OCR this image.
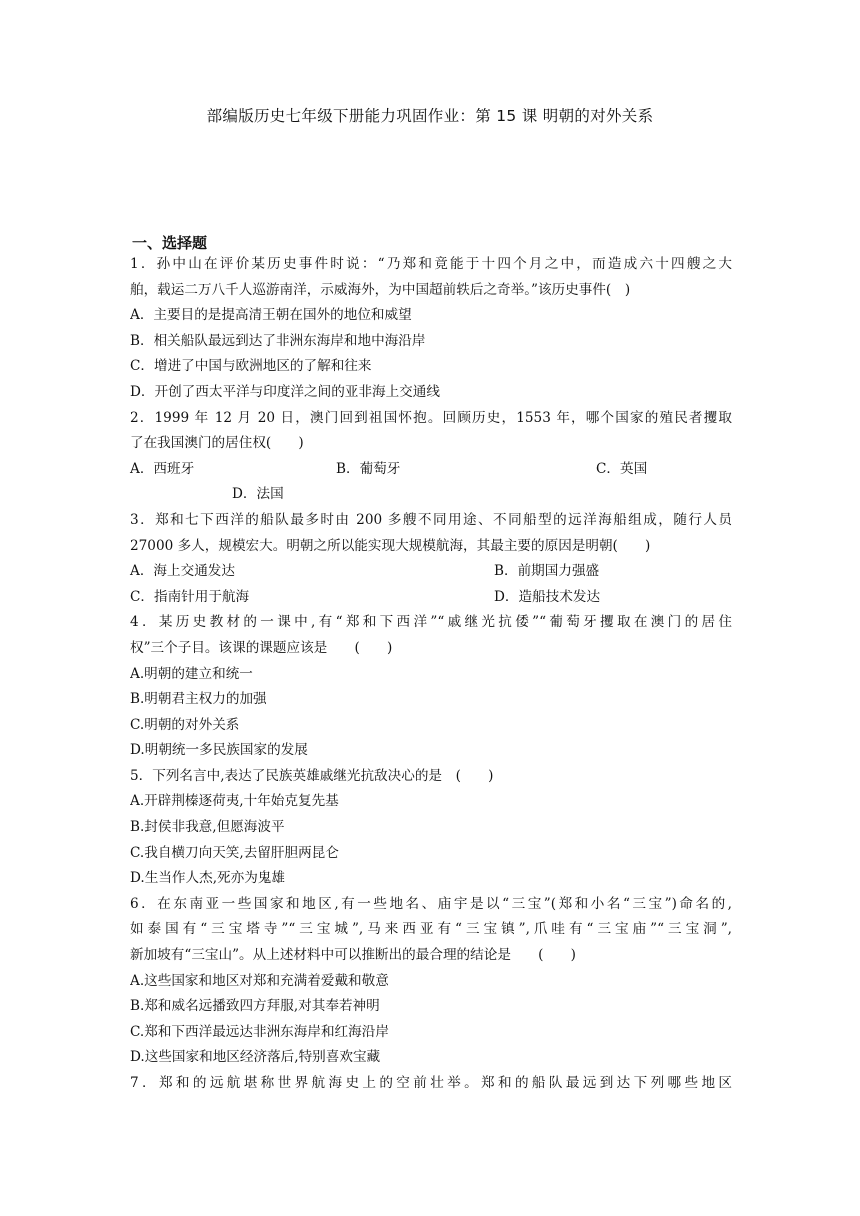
部编版历史七年级下册能力巩固作业：第 15 课 明朝的对外关系
一、选择题
1．孙中山在评价某历史事件时说：“乃郑和竟能于十四个月之中，而造成六十四艘之大
舶，载运二万八千人巡游南洋，示威海外，为中国超前轶后之奇举。”该历史事件(　)
A．主要目的是提高清王朝在国外的地位和威望
B．相关船队最远到达了非洲东海岸和地中海沿岸
C．增进了中国与欧洲地区的了解和往来
D．开创了西太平洋与印度洋之间的亚非海上交通线
2．1999 年 12 月 20 日，澳门回到祖国怀抱。回顾历史，1553 年，哪个国家的殖民者攫取
了在我国澳门的居住权(　　)
A．西班牙	B．葡萄牙	C．英国
D．法国
3．郑和七下西洋的船队最多时由 200 多艘不同用途、不同船型的远洋海船组成，随行人员
27000 多人，规模宏大。明朝之所以能实现大规模航海，其最主要的原因是明朝(　　)
A．海上交通发达	B．前期国力强盛
C．指南针用于航海	D．造船技术发达
4．某历史教材的一课中,有“郑和下西洋”“戚继光抗倭”“葡萄牙攫取在澳门的居住
权”三个子目。该课的课题应该是　　(　　)
A.明朝的建立和统一
B.明朝君主权力的加强
C.明朝的对外关系
D.明朝统一多民族国家的发展
5．下列名言中,表达了民族英雄戚继光抗敌决心的是　(　　)
A.开辟荆榛逐荷夷,十年始克复先基
B.封侯非我意,但愿海波平
C.我自横刀向天笑,去留肝胆两昆仑
D.生当作人杰,死亦为鬼雄
6．在东南亚一些国家和地区,有一些地名、庙宇是以“三宝”(郑和小名“三宝”)命名的,
如泰国有“三宝塔寺”“三宝城”,马来西亚有“三宝镇”,爪哇有“三宝庙”“三宝洞”,
新加坡有“三宝山”。从上述材料中可以推断出的最合理的结论是　　(　　)
A.这些国家和地区对郑和充满着爱戴和敬意
B.郑和威名远播致四方拜服,对其奉若神明
C.郑和下西洋最远达非洲东海岸和红海沿岸
D.这些国家和地区经济落后,特别喜欢宝藏
7．郑和的远航堪称世界航海史上的空前壮举。郑和的船队最远到达下列哪些地区
